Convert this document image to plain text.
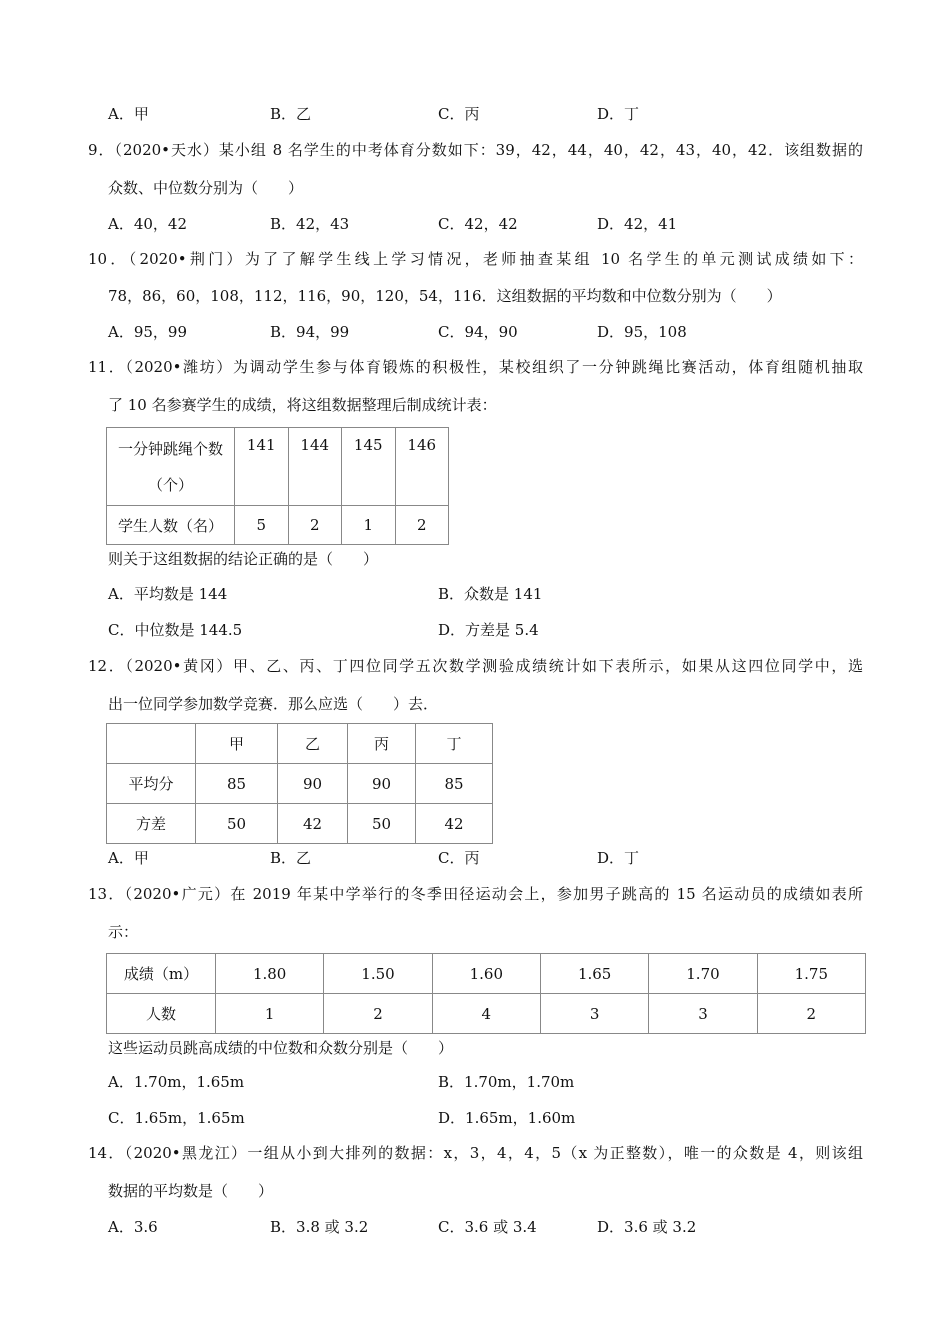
A．甲	B．乙	C．丙	D．丁
9．（2020•天水）某小组 8 名学生的中考体育分数如下：39，42，44，40，42，43，40，42．该组数据的
众数、中位数分别为（　　）
A．40，42	B．42，43	C．42，42	D．42，41
10．（2020•荆门）为了了解学生线上学习情况，老师抽查某组 10 名学生的单元测试成绩如下：
78，86，60，108，112，116，90，120，54，116．这组数据的平均数和中位数分别为（　　）
A．95，99	B．94，99	C．94，90	D．95，108
11．（2020•潍坊）为调动学生参与体育锻炼的积极性，某校组织了一分钟跳绳比赛活动，体育组随机抽取
了 10 名参赛学生的成绩，将这组数据整理后制成统计表：
一分钟跳绳个数
（个）	141	144	145	146
学生人数（名）	5	2	1	2
则关于这组数据的结论正确的是（　　）
A．平均数是 144	B．众数是 141
C．中位数是 144.5	D．方差是 5.4
12．（2020•黄冈）甲、乙、丙、丁四位同学五次数学测验成绩统计如下表所示，如果从这四位同学中，选
出一位同学参加数学竞赛．那么应选（　　）去．
	甲	乙	丙	丁
平均分	85	90	90	85
方差	50	42	50	42
A．甲	B．乙	C．丙	D．丁
13．（2020•广元）在 2019 年某中学举行的冬季田径运动会上，参加男子跳高的 15 名运动员的成绩如表所
示：
成绩（m）	1.80	1.50	1.60	1.65	1.70	1.75
人数	1	2	4	3	3	2
这些运动员跳高成绩的中位数和众数分别是（　　）
A．1.70m，1.65m	B．1.70m，1.70m
C．1.65m，1.65m	D．1.65m，1.60m
14．（2020•黑龙江）一组从小到大排列的数据：x，3，4，4，5（x 为正整数），唯一的众数是 4，则该组
数据的平均数是（　　）
A．3.6	B．3.8 或 3.2	C．3.6 或 3.4	D．3.6 或 3.2
